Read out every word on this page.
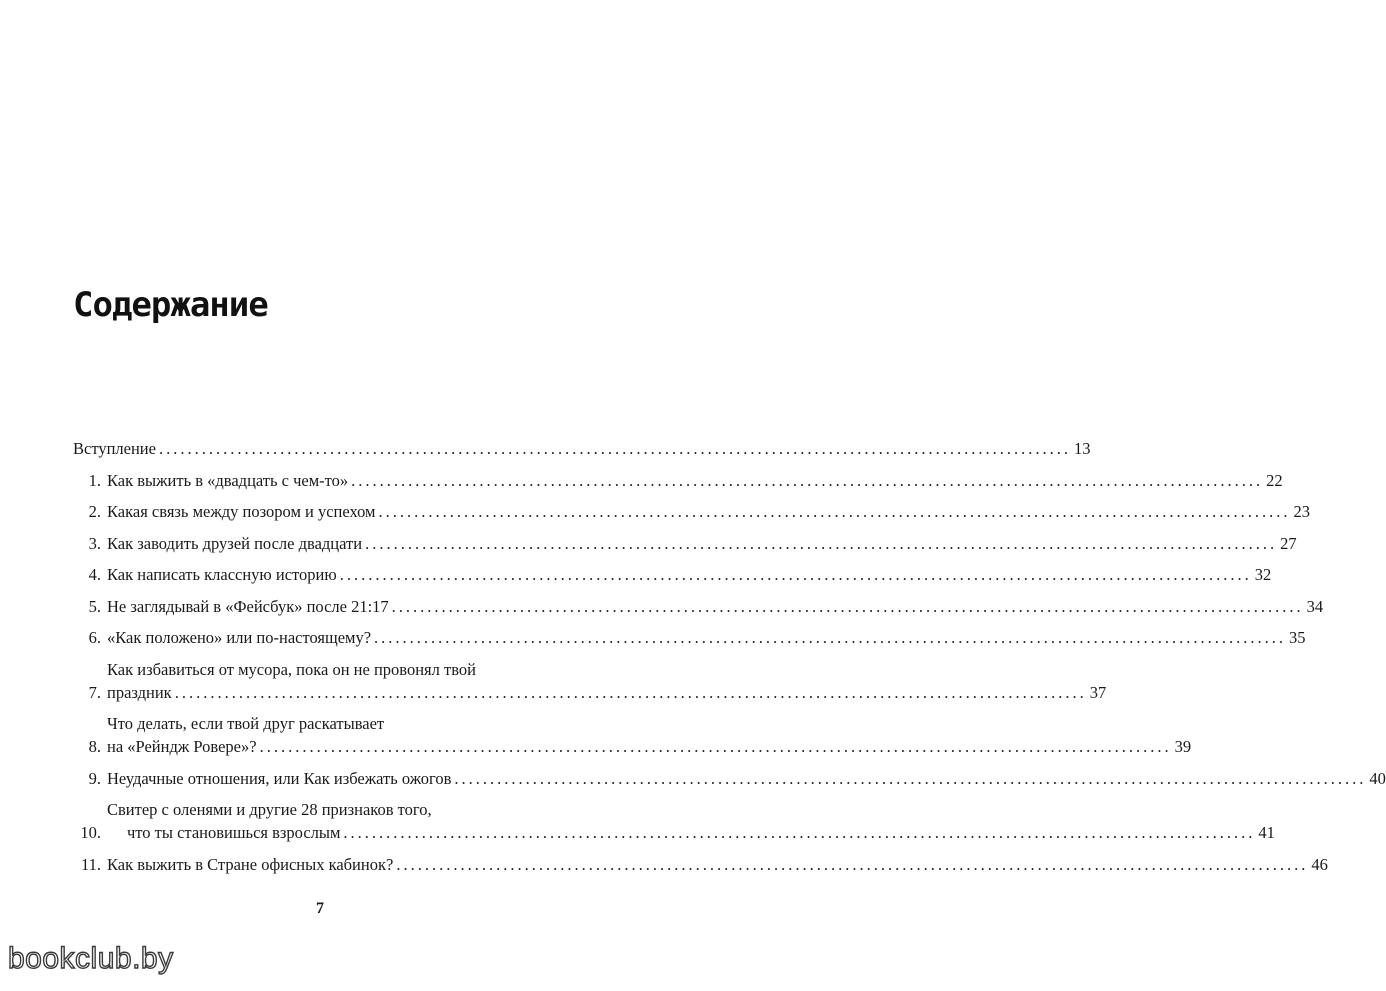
Содержание
Вступление .....	13
1. Как выжить в «двадцать с чем-то» .....	22
2. Какая связь между позором и успехом .....	23
3. Как заводить друзей после двадцати .....	27
4. Как написать классную историю .....	32
5. Не заглядывай в «Фейсбук» после 21:17 .....	34
6. «Как положено» или по-настоящему? .....	35
7.
Как избавиться от мусора, пока он не провонял твой
праздник .....	37
8.
Что делать, если твой друг раскатывает
на «Рейндж Ровере»? .....	39
9. Неудачные отношения, или Как избежать ожогов .....	40
10.
Свитер с оленями и другие 28 признаков того,
что ты становишься взрослым .....	41
11. Как выжить в Стране офисных кабинок? .....	46
7
bookclub.by
